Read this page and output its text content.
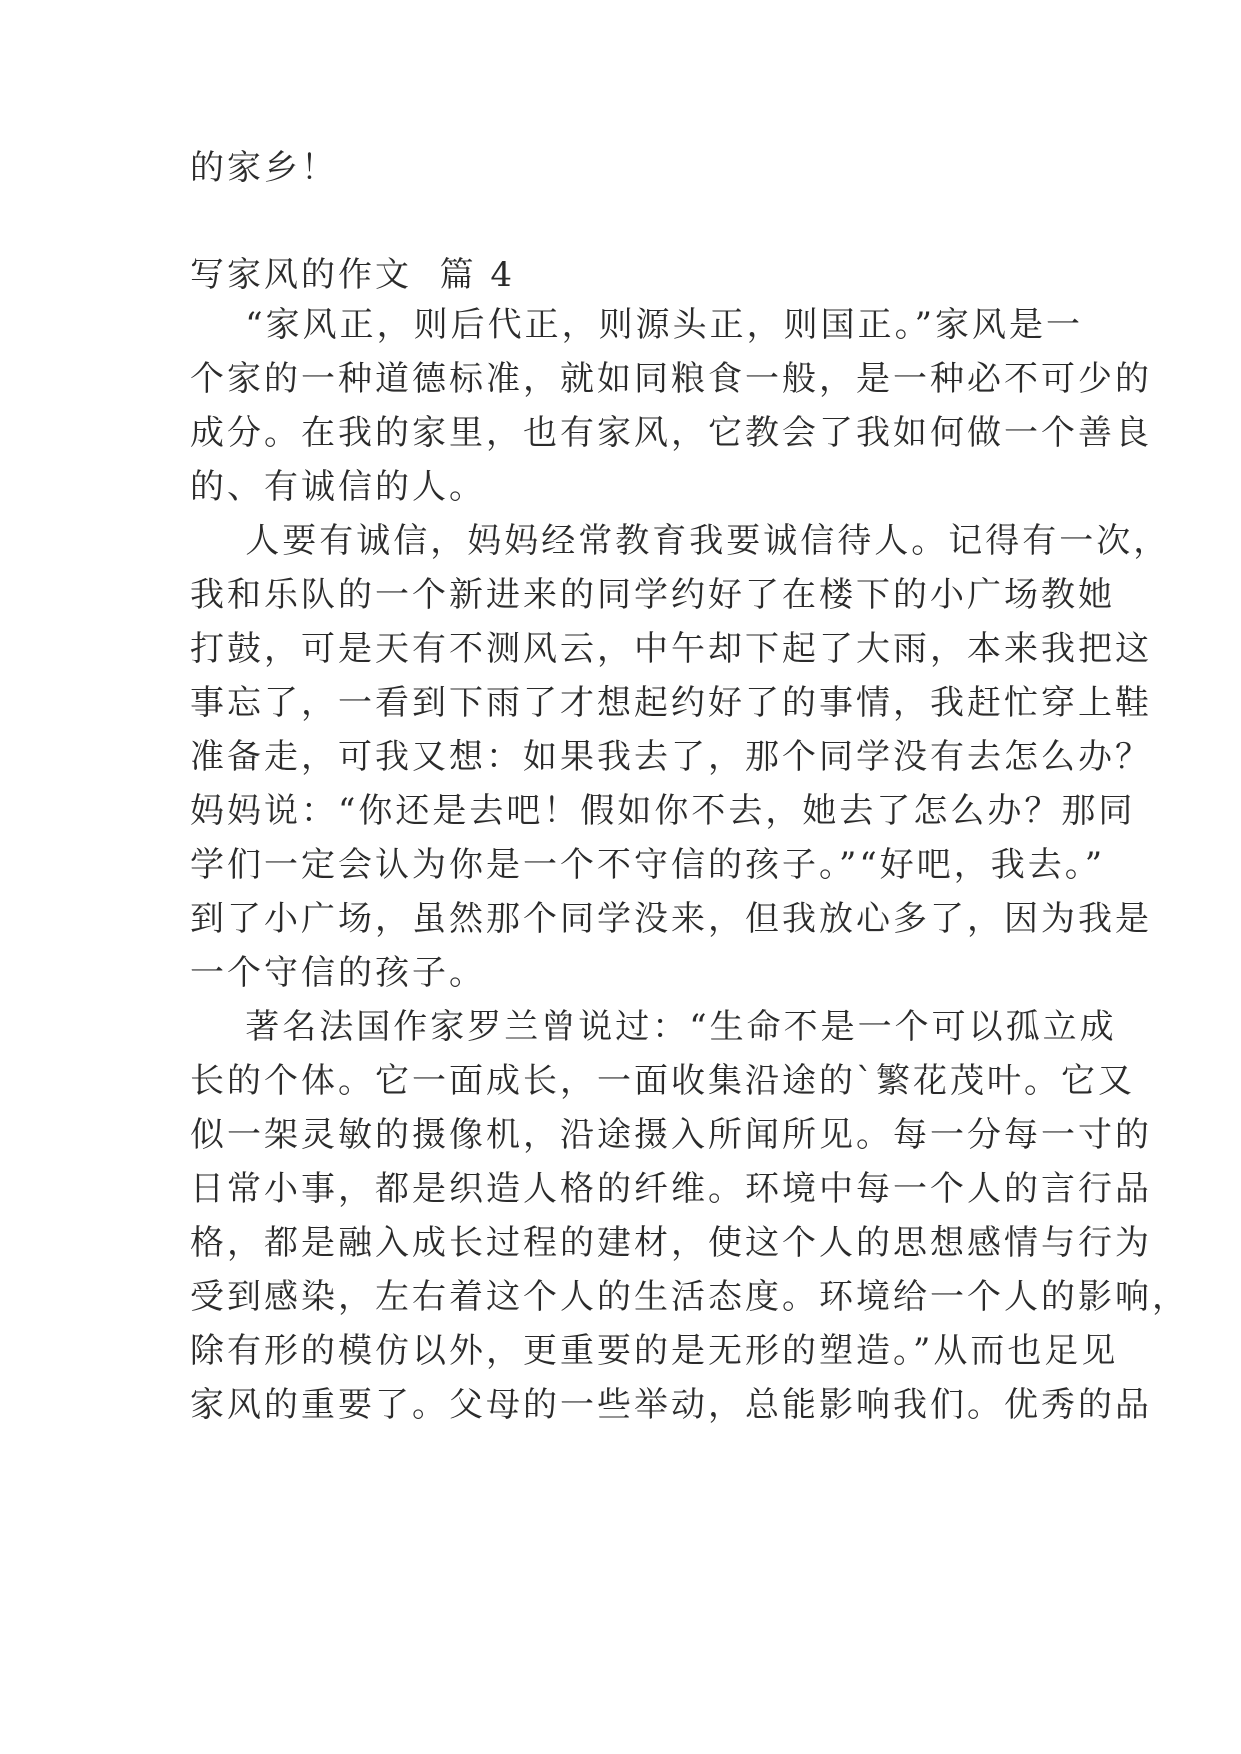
的家乡！
写家风的作文  篇 4
“家风正，则后代正，则源头正，则国正。”家风是一
个家的一种道德标准，就如同粮食一般，是一种必不可少的
成分。在我的家里，也有家风，它教会了我如何做一个善良
的、有诚信的人。
人要有诚信，妈妈经常教育我要诚信待人。记得有一次，
我和乐队的一个新进来的同学约好了在楼下的小广场教她
打鼓，可是天有不测风云，中午却下起了大雨，本来我把这
事忘了，一看到下雨了才想起约好了的事情，我赶忙穿上鞋
准备走，可我又想：如果我去了，那个同学没有去怎么办？
妈妈说：“你还是去吧！假如你不去，她去了怎么办？那同
学们一定会认为你是一个不守信的孩子。”“好吧，我去。”
到了小广场，虽然那个同学没来，但我放心多了，因为我是
一个守信的孩子。
著名法国作家罗兰曾说过：“生命不是一个可以孤立成
长的个体。它一面成长，一面收集沿途的`繁花茂叶。它又
似一架灵敏的摄像机，沿途摄入所闻所见。每一分每一寸的
日常小事，都是织造人格的纤维。环境中每一个人的言行品
格，都是融入成长过程的建材，使这个人的思想感情与行为
受到感染，左右着这个人的生活态度。环境给一个人的影响，
除有形的模仿以外，更重要的是无形的塑造。”从而也足见
家风的重要了。父母的一些举动，总能影响我们。优秀的品
